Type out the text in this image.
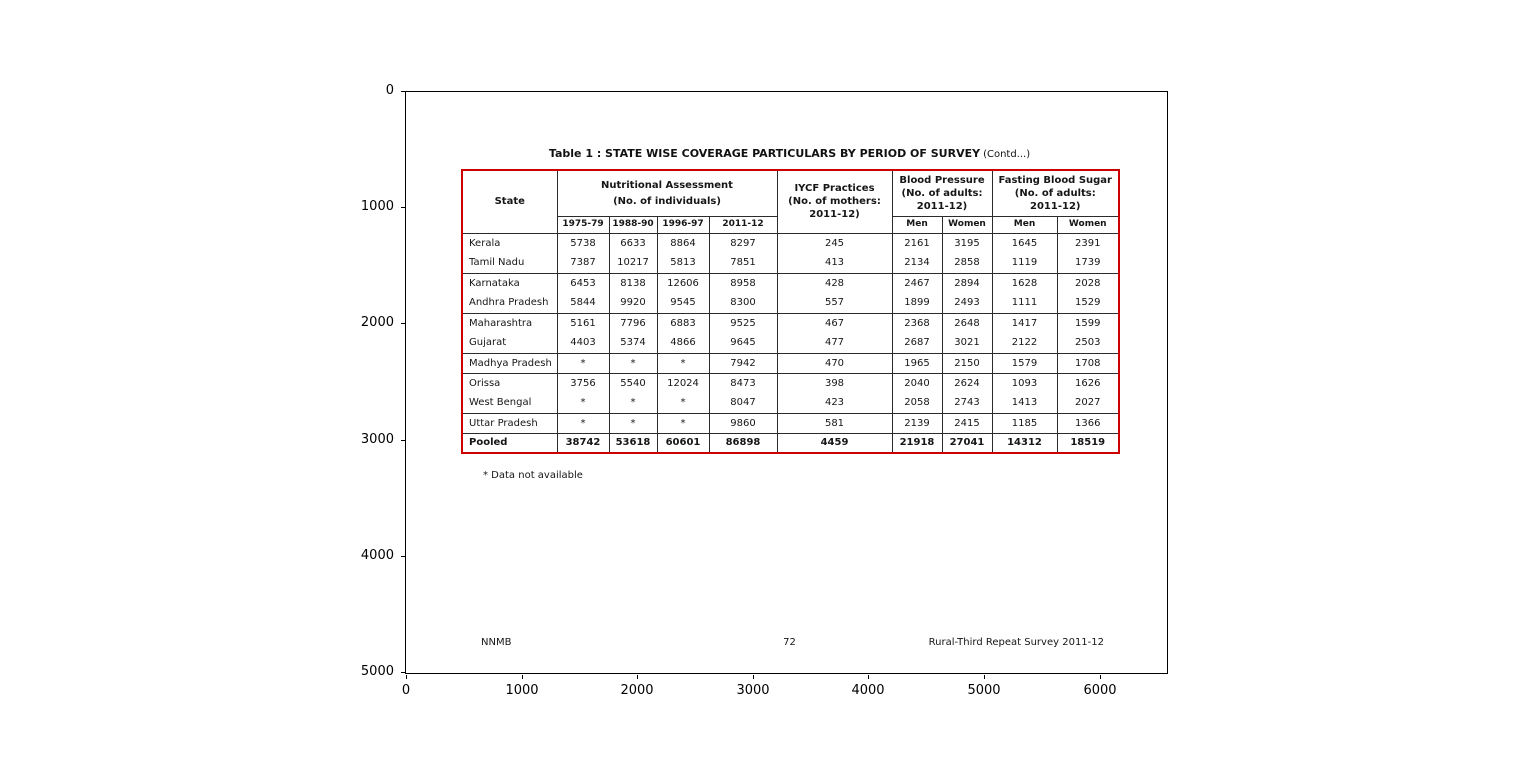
Table 1 : STATE WISE COVERAGE PARTICULARS BY PERIOD OF SURVEY (Contd...)
State	
Nutritional Assessment
(No. of individuals)

IYCF Practices
(No. of mothers:
2011-12)

Blood Pressure
(No. of adults:
2011-12)

Fasting Blood Sugar
(No. of adults:
2011-12)

	1975-79	1988-90	1996-97	2011-12		Men	Women	Men	Women
Kerala	5738	6633	8864	8297	245	2161	3195	1645	2391
Tamil Nadu	7387	10217	5813	7851	413	2134	2858	1119	1739
Karnataka	6453	8138	12606	8958	428	2467	2894	1628	2028
Andhra Pradesh	5844	9920	9545	8300	557	1899	2493	1111	1529
Maharashtra	5161	7796	6883	9525	467	2368	2648	1417	1599
Gujarat	4403	5374	4866	9645	477	2687	3021	2122	2503
Madhya Pradesh	*	*	*	7942	470	1965	2150	1579	1708
Orissa	3756	5540	12024	8473	398	2040	2624	1093	1626
West Bengal	*	*	*	8047	423	2058	2743	1413	2027
Uttar Pradesh	*	*	*	9860	581	2139	2415	1185	1366
Pooled	38742	53618	60601	86898	4459	21918	27041	14312	18519
* Data not available
NNMB	72	Rural-Third Repeat Survey 2011-12
0
1000
2000
3000
4000
5000
0	1000	2000	3000	4000	5000	6000
